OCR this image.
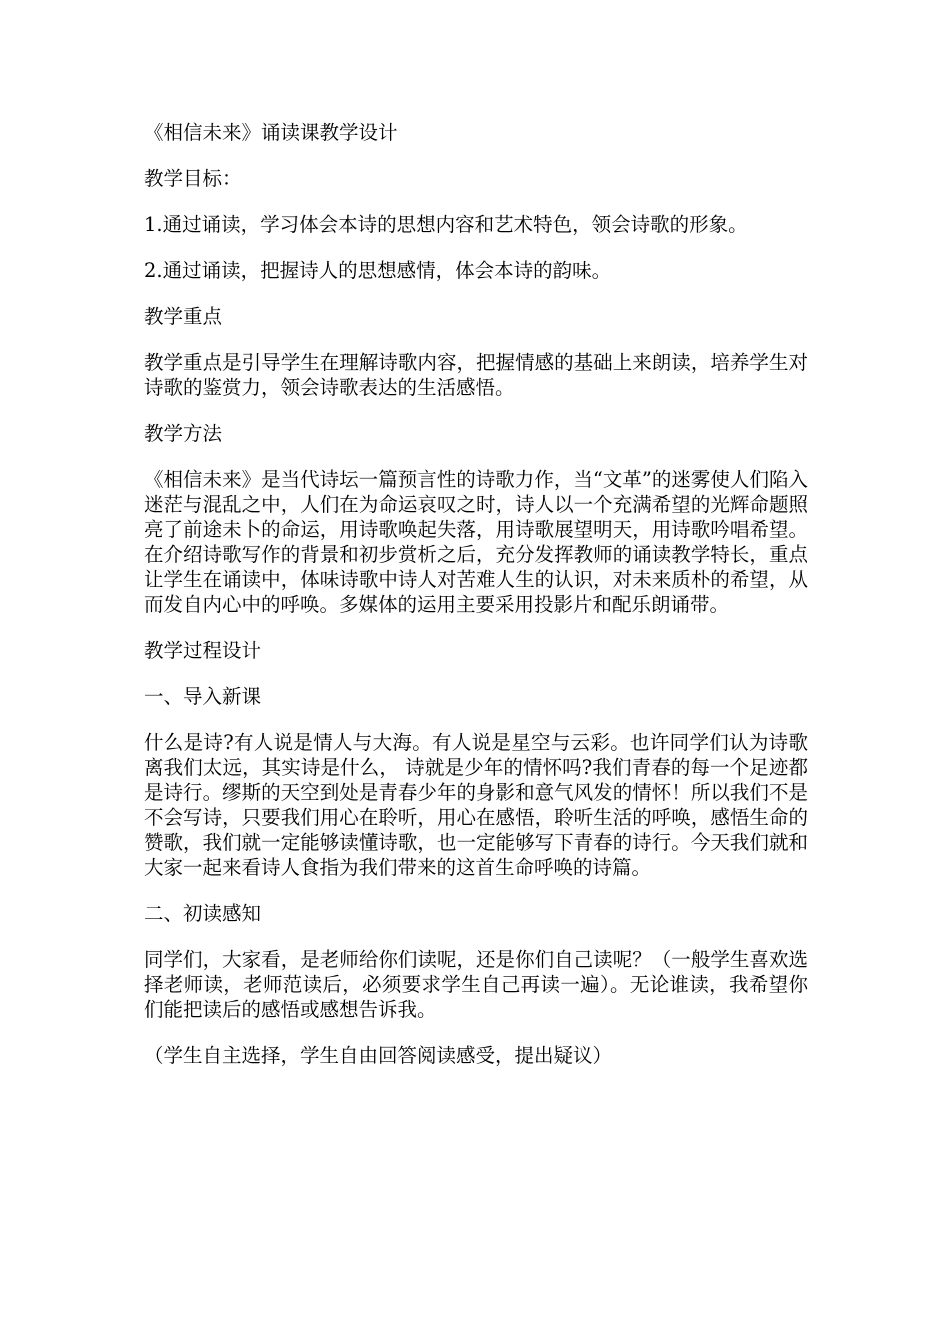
《相信未来》诵读课教学设计

教学目标：

1.通过诵读，学习体会本诗的思想内容和艺术特色，领会诗歌的形象。

2.通过诵读，把握诗人的思想感情，体会本诗的韵味。

教学重点

教学重点是引导学生在理解诗歌内容，把握情感的基础上来朗读，培养学生对诗歌的鉴赏力，领会诗歌表达的生活感悟。

教学方法

《相信未来》是当代诗坛一篇预言性的诗歌力作，当“文革”的迷雾使人们陷入迷茫与混乱之中，人们在为命运哀叹之时，诗人以一个充满希望的光辉命题照亮了前途未卜的命运，用诗歌唤起失落，用诗歌展望明天，用诗歌吟唱希望。在介绍诗歌写作的背景和初步赏析之后，充分发挥教师的诵读教学特长，重点让学生在诵读中，体味诗歌中诗人对苦难人生的认识，对未来质朴的希望，从而发自内心中的呼唤。多媒体的运用主要采用投影片和配乐朗诵带。

教学过程设计

一、导入新课

什么是诗?有人说是情人与大海。有人说是星空与云彩。也许同学们认为诗歌离我们太远，其实诗是什么， 诗就是少年的情怀吗?我们青春的每一个足迹都是诗行。缪斯的天空到处是青春少年的身影和意气风发的情怀！所以我们不是不会写诗，只要我们用心在聆听，用心在感悟，聆听生活的呼唤，感悟生命的赞歌，我们就一定能够读懂诗歌，也一定能够写下青春的诗行。今天我们就和大家一起来看诗人食指为我们带来的这首生命呼唤的诗篇。

二、初读感知

同学们，大家看，是老师给你们读呢，还是你们自己读呢？（一般学生喜欢选择老师读，老师范读后，必须要求学生自己再读一遍）。无论谁读，我希望你们能把读后的感悟或感想告诉我。

（学生自主选择，学生自由回答阅读感受，提出疑议）
